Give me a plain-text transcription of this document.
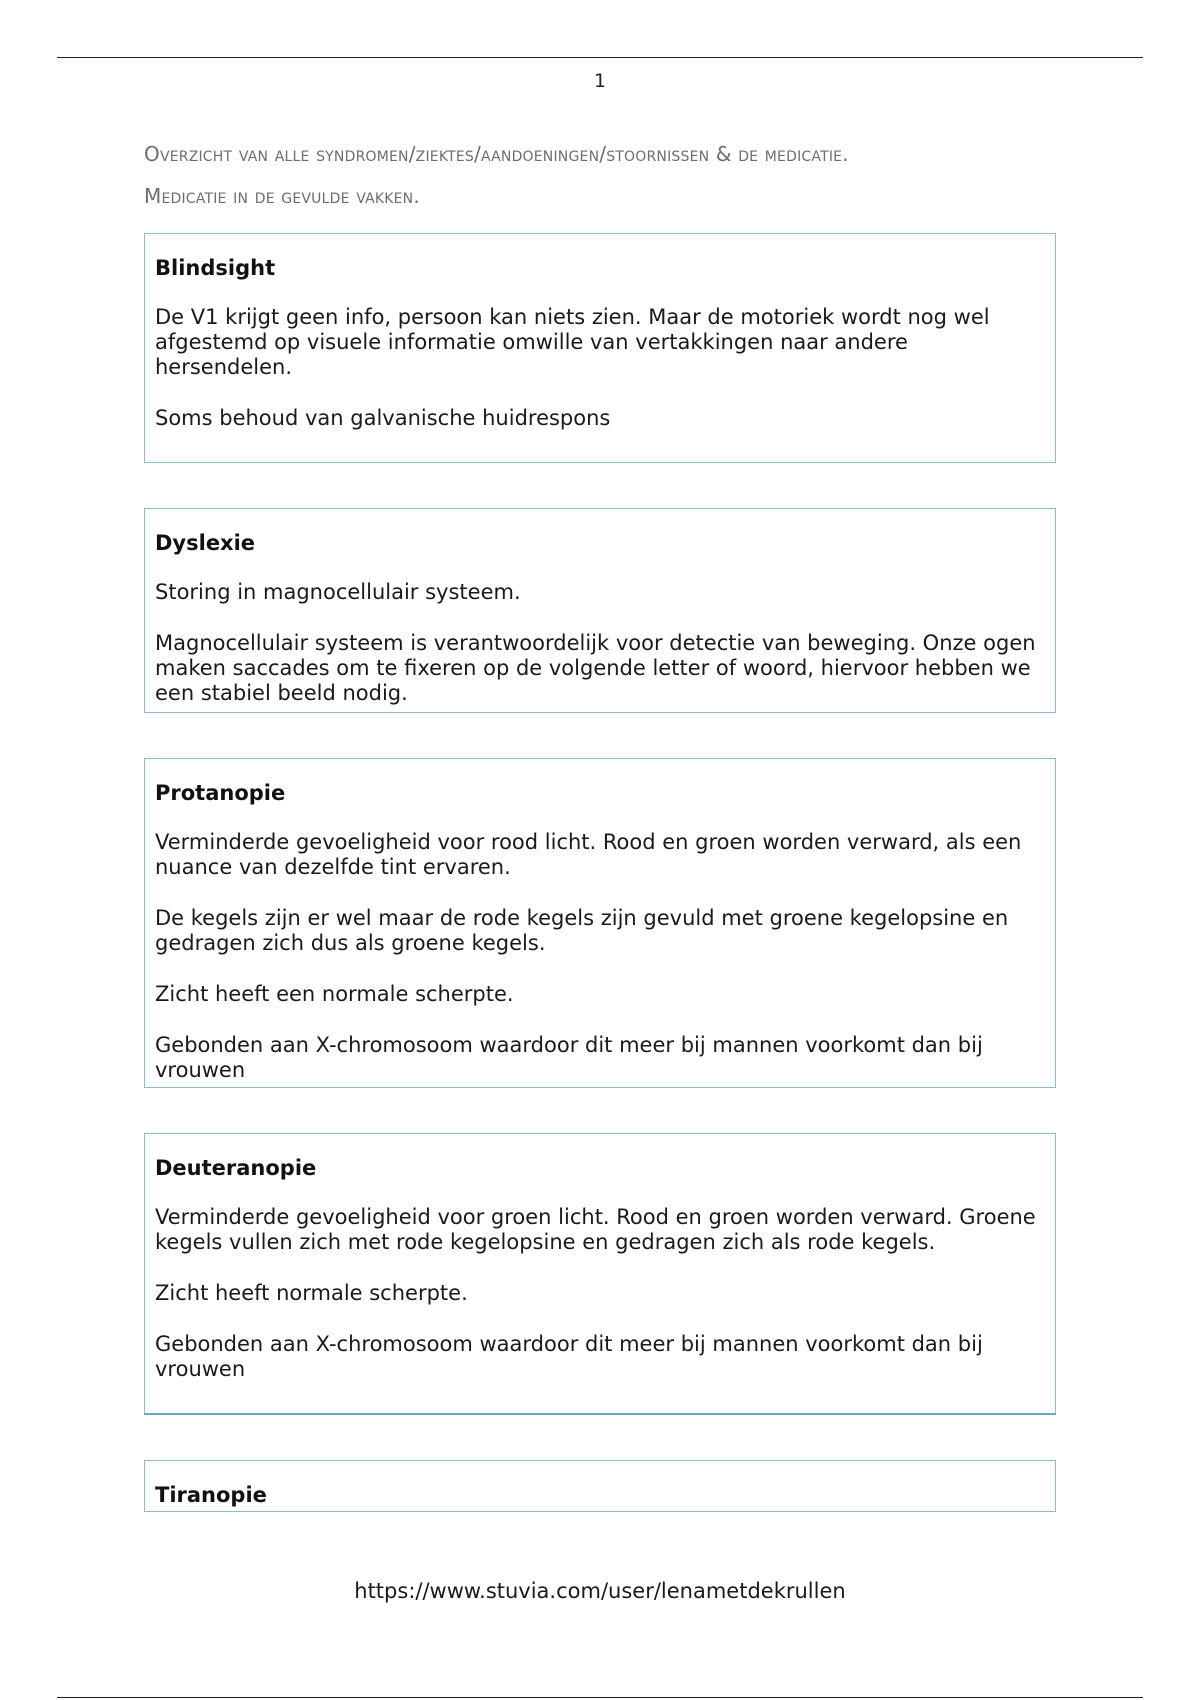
1
Overzicht van alle syndromen/ziektes/aandoeningen/stoornissen & de medicatie.
Medicatie in de gevulde vakken.
Blindsight

De V1 krijgt geen info, persoon kan niets zien. Maar de motoriek wordt nog wel afgestemd op visuele informatie omwille van vertakkingen naar andere hersendelen.

Soms behoud van galvanische huidrespons

Dyslexie

Storing in magnocellulair systeem.

Magnocellulair systeem is verantwoordelijk voor detectie van beweging. Onze ogen maken saccades om te fixeren op de volgende letter of woord, hiervoor hebben we een stabiel beeld nodig.

Protanopie

Verminderde gevoeligheid voor rood licht. Rood en groen worden verward, als een nuance van dezelfde tint ervaren.

De kegels zijn er wel maar de rode kegels zijn gevuld met groene kegelopsine en gedragen zich dus als groene kegels.

Zicht heeft een normale scherpte.

Gebonden aan X-chromosoom waardoor dit meer bij mannen voorkomt dan bij vrouwen

Deuteranopie

Verminderde gevoeligheid voor groen licht. Rood en groen worden verward. Groene kegels vullen zich met rode kegelopsine en gedragen zich als rode kegels.

Zicht heeft normale scherpte.

Gebonden aan X-chromosoom waardoor dit meer bij mannen voorkomt dan bij vrouwen

Tiranopie
https://www.stuvia.com/user/lenametdekrullen
